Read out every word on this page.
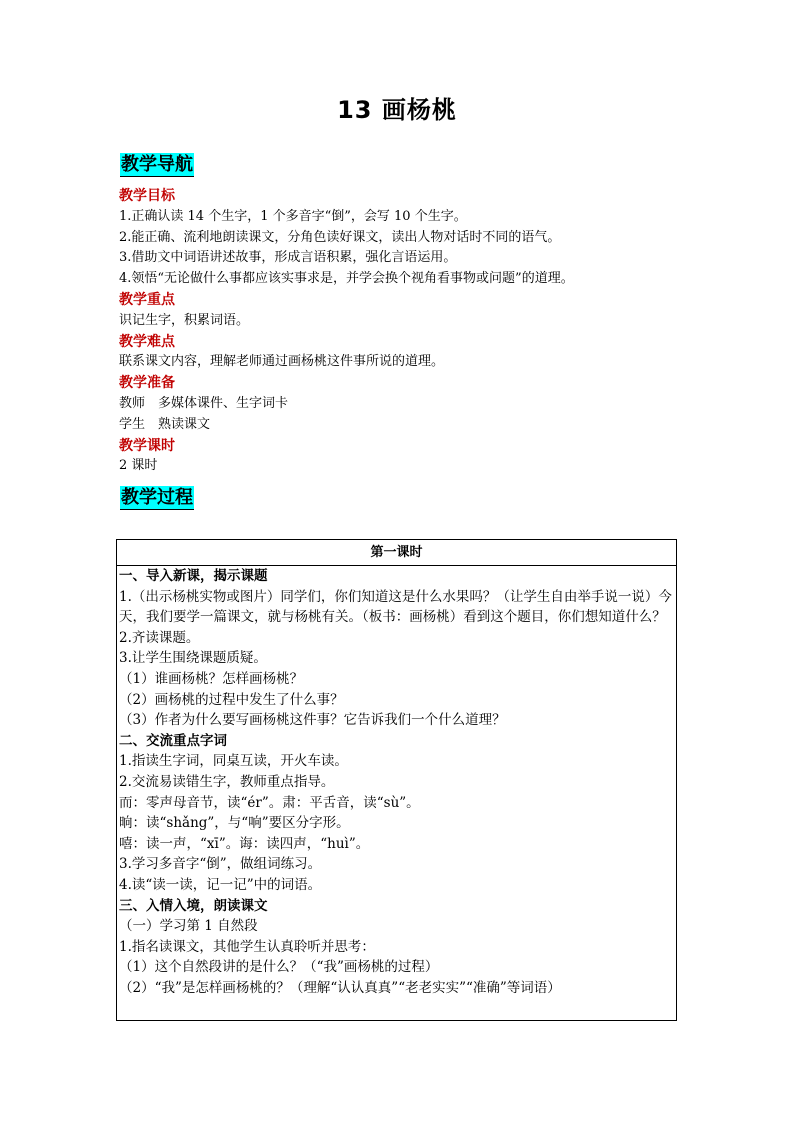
13 画杨桃
教学导航
教学目标
1.正确认读 14 个生字，1 个多音字“倒”，会写 10 个生字。
2.能正确、流利地朗读课文，分角色读好课文，读出人物对话时不同的语气。
3.借助文中词语讲述故事，形成言语积累，强化言语运用。
4.领悟“无论做什么事都应该实事求是，并学会换个视角看事物或问题”的道理。
教学重点
识记生字，积累词语。
教学难点
联系课文内容，理解老师通过画杨桃这件事所说的道理。
教学准备
教师　多媒体课件、生字词卡
学生　熟读课文
教学课时
2 课时
教学过程
第一课时
一、导入新课，揭示课题
1.（出示杨桃实物或图片）同学们，你们知道这是什么水果吗？（让学生自由举手说一说）今天，我们要学一篇课文，就与杨桃有关。（板书：画杨桃）看到这个题目，你们想知道什么？
2.齐读课题。
3.让学生围绕课题质疑。
（1）谁画杨桃？怎样画杨桃？
（2）画杨桃的过程中发生了什么事？
（3）作者为什么要写画杨桃这件事？它告诉我们一个什么道理？
二、交流重点字词
1.指读生字词，同桌互读，开火车读。
2.交流易读错生字，教师重点指导。
而：零声母音节，读“ér”。肃：平舌音，读“sù”。
晌：读“shǎng”，与“响”要区分字形。
嘻：读一声，“xī”。诲：读四声，“huì”。
3.学习多音字“倒”，做组词练习。
4.读“读一读，记一记”中的词语。
三、入情入境，朗读课文
（一）学习第 1 自然段
1.指名读课文，其他学生认真聆听并思考：
（1）这个自然段讲的是什么？（“我”画杨桃的过程）
（2）“我”是怎样画杨桃的？（理解“认认真真”“老老实实”“准确”等词语）
